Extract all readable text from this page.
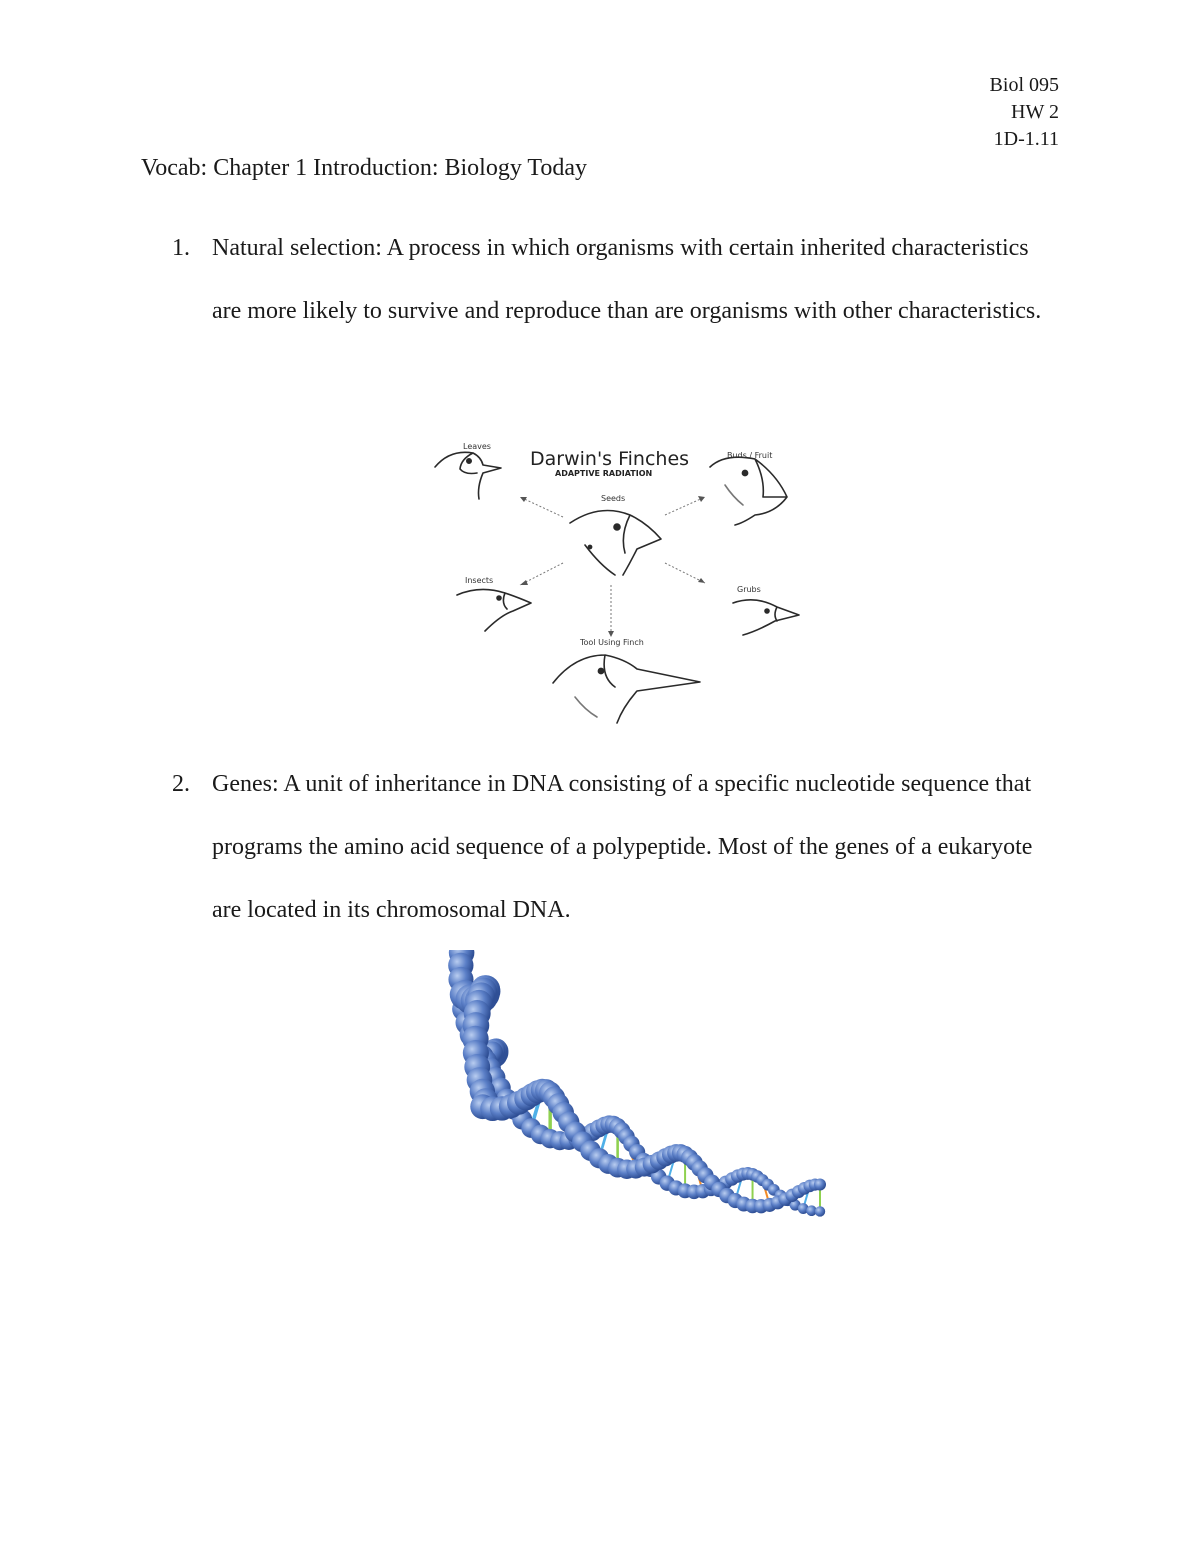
Biol 095
HW 2
1D-1.11
Vocab: Chapter 1 Introduction: Biology Today
1. Natural selection: A process in which organisms with certain inherited characteristics are more likely to survive and reproduce than are organisms with other characteristics.
Darwin's Finches
ADAPTIVE RADIATION
Leaves
Buds / Fruit
Seeds
Insects
Grubs
Tool Using Finch
2. Genes: A unit of inheritance in DNA consisting of a specific nucleotide sequence that programs the amino acid sequence of a polypeptide. Most of the genes of a eukaryote are located in its chromosomal DNA.
